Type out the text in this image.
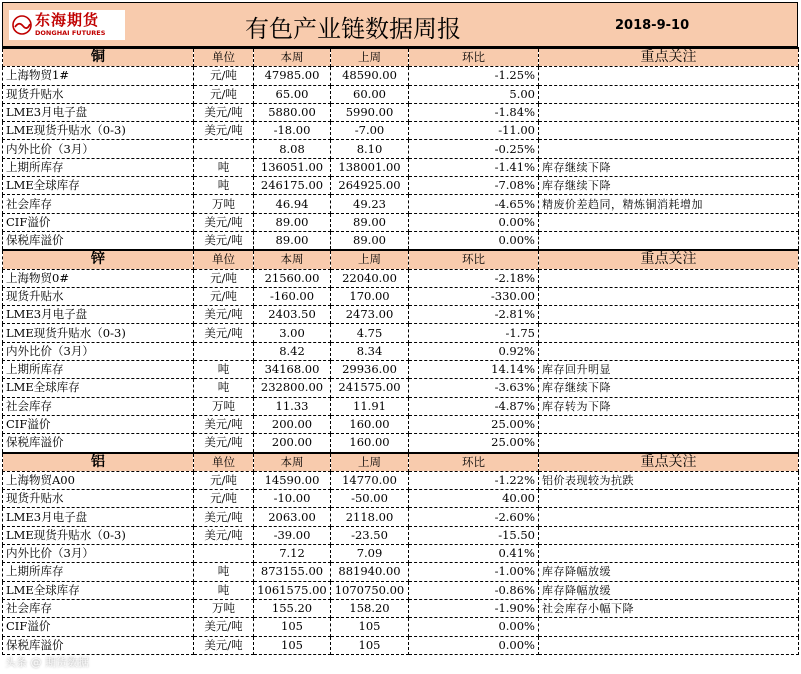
东海期货
DONGHAI FUTURES	有色产业链数据周报	2018-9-10
铜	单位	本周	上周	环比	重点关注
上海物贸1#	元/吨	47985.00	48590.00	-1.25%	
现货升贴水	元/吨	65.00	60.00	5.00	
LME3月电子盘	美元/吨	5880.00	5990.00	-1.84%	
LME现货升贴水（0-3)	美元/吨	-18.00	-7.00	-11.00	
内外比价（3月）		8.08	8.10	-0.25%	
上期所库存	吨	136051.00	138001.00	-1.41%	库存继续下降
LME全球库存	吨	246175.00	264925.00	-7.08%	库存继续下降
社会库存	万吨	46.94	49.23	-4.65%	精废价差趋同，精炼铜消耗增加
CIF溢价	美元/吨	89.00	89.00	0.00%	
保税库溢价	美元/吨	89.00	89.00	0.00%	
锌	单位	本周	上周	环比	重点关注
上海物贸0#	元/吨	21560.00	22040.00	-2.18%	
现货升贴水	元/吨	-160.00	170.00	-330.00	
LME3月电子盘	美元/吨	2403.50	2473.00	-2.81%	
LME现货升贴水（0-3)	美元/吨	3.00	4.75	-1.75	
内外比价（3月）		8.42	8.34	0.92%	
上期所库存	吨	34168.00	29936.00	14.14%	库存回升明显
LME全球库存	吨	232800.00	241575.00	-3.63%	库存继续下降
社会库存	万吨	11.33	11.91	-4.87%	库存转为下降
CIF溢价	美元/吨	200.00	160.00	25.00%	
保税库溢价	美元/吨	200.00	160.00	25.00%	
铝	单位	本周	上周	环比	重点关注
上海物贸A00	元/吨	14590.00	14770.00	-1.22%	铝价表现较为抗跌
现货升贴水	元/吨	-10.00	-50.00	40.00	
LME3月电子盘	美元/吨	2063.00	2118.00	-2.60%	
LME现货升贴水（0-3)	美元/吨	-39.00	-23.50	-15.50	
内外比价（3月）		7.12	7.09	0.41%	
上期所库存	吨	873155.00	881940.00	-1.00%	库存降幅放缓
LME全球库存	吨	1061575.00	1070750.00	-0.86%	库存降幅放缓
社会库存	万吨	155.20	158.20	-1.90%	社会库存小幅下降
CIF溢价	美元/吨	105	105	0.00%	
保税库溢价	美元/吨	105	105	0.00%	
头条 @ 期货数据
